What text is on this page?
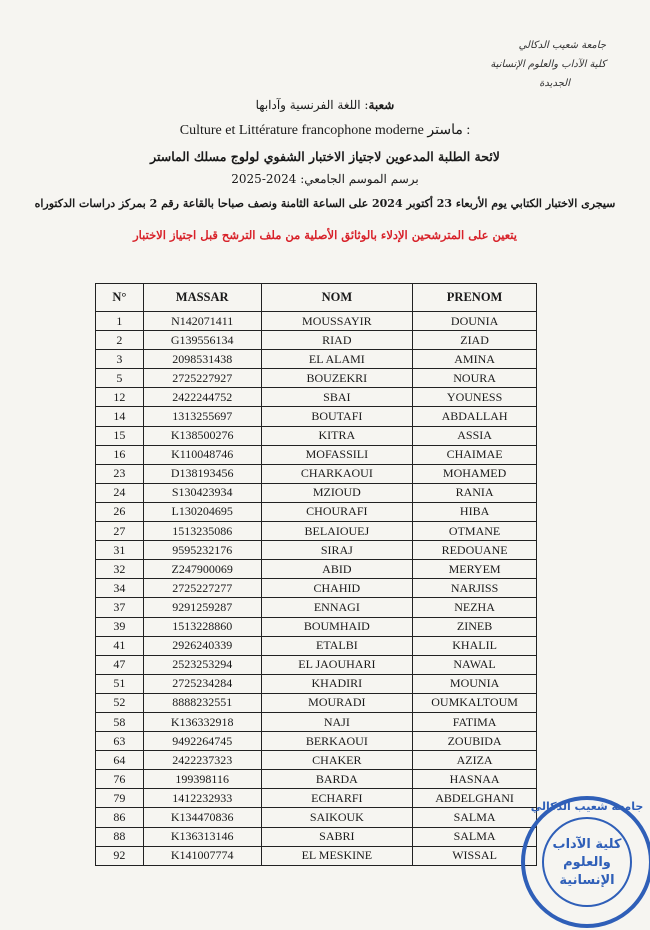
جامعة شعيب الدكالي
كلية الآداب والعلوم الإنسانية
الجديدة
شعبة: اللغة الفرنسية وآدابها
Culture et Littérature francophone moderne ماستر :
لائحة الطلبة المدعوين لاجتياز الاختبار الشفوي لولوج مسلك الماستر
برسم الموسم الجامعي: 2024-2025
سيجرى الاختبار الكتابي يوم الأربعاء 23 أكتوبر 2024 على الساعة الثامنة ونصف صباحا بالقاعة رقم 2 بمركز دراسات الدكتوراه
يتعين على المترشحين الإدلاء بالوثائق الأصلية من ملف الترشح قبل اجتياز الاختبار
N°	MASSAR	NOM	PRENOM
1	N142071411	MOUSSAYIR	DOUNIA
2	G139556134	RIAD	ZIAD
3	2098531438	EL ALAMI	AMINA
5	2725227927	BOUZEKRI	NOURA
12	2422244752	SBAI	YOUNESS
14	1313255697	BOUTAFI	ABDALLAH
15	K138500276	KITRA	ASSIA
16	K110048746	MOFASSILI	CHAIMAE
23	D138193456	CHARKAOUI	MOHAMED
24	S130423934	MZIOUD	RANIA
26	L130204695	CHOURAFI	HIBA
27	1513235086	BELAIOUEJ	OTMANE
31	9595232176	SIRAJ	REDOUANE
32	Z247900069	ABID	MERYEM
34	2725227277	CHAHID	NARJISS
37	9291259287	ENNAGI	NEZHA
39	1513228860	BOUMHAID	ZINEB
41	2926240339	ETALBI	KHALIL
47	2523253294	EL JAOUHARI	NAWAL
51	2725234284	KHADIRI	MOUNIA
52	8888232551	MOURADI	OUMKALTOUM
58	K136332918	NAJI	FATIMA
63	9492264745	BERKAOUI	ZOUBIDA
64	2422237323	CHAKER	AZIZA
76	199398116	BARDA	HASNAA
79	1412232933	ECHARFI	ABDELGHANI
86	K134470836	SAIKOUK	SALMA
88	K136313146	SABRI	SALMA
92	K141007774	EL MESKINE	WISSAL
جامعة شعيب الدكالي
كلية الآداب
والعلوم
الإنسانية
